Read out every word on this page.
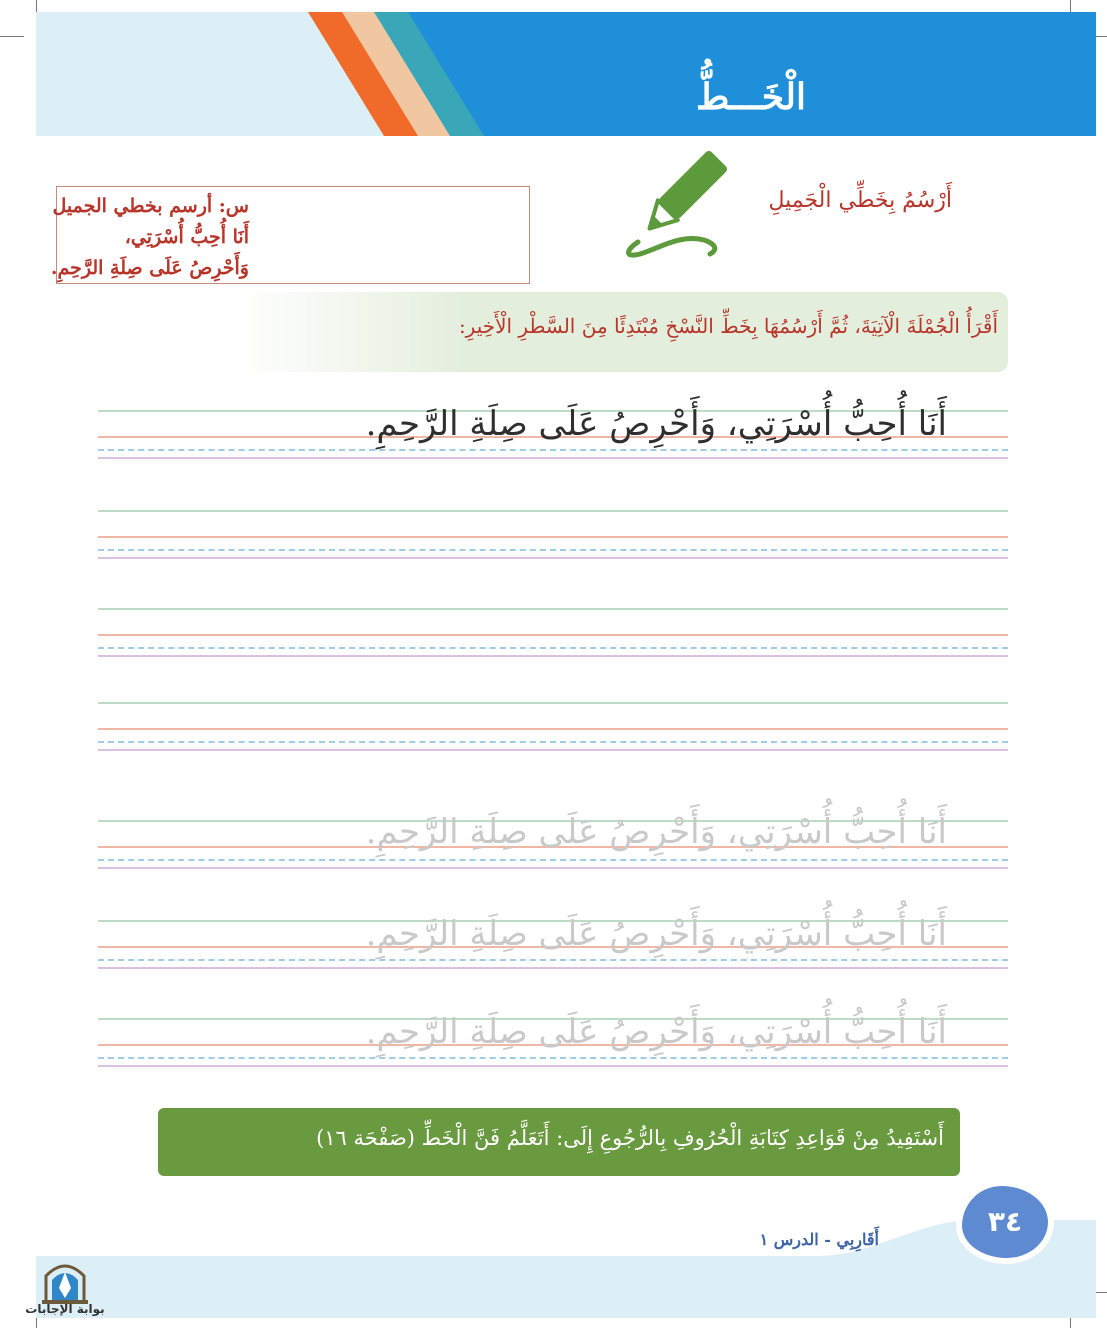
الْخَـــطُّ
س: أرسم بخطي الجميل
أَنَا أُحِبُّ أُسْرَتِي،
وَأَحْرِصُ عَلَى صِلَةِ الرَّحِمِ.
أَرْسُمُ بِخَطِّي الْجَمِيلِ
أَقْرَأُ الْجُمْلَةَ الْآتِيَةَ، ثُمَّ أَرْسُمُهَا بِخَطِّ النَّسْخِ مُبْتَدِئًا مِنَ السَّطْرِ الْأَخِيرِ:
أَنَا أُحِبُّ أُسْرَتِي، وَأَحْرِصُ عَلَى صِلَةِ الرَّحِمِ.
أَنَا أُحِبُّ أُسْرَتِي، وَأَحْرِصُ عَلَى صِلَةِ الرَّحِمِ.
أَنَا أُحِبُّ أُسْرَتِي، وَأَحْرِصُ عَلَى صِلَةِ الرَّحِمِ.
أَنَا أُحِبُّ أُسْرَتِي، وَأَحْرِصُ عَلَى صِلَةِ الرَّحِمِ.
أَسْتَفِيدُ مِنْ قَوَاعِدِ كِتَابَةِ الْحُرُوفِ بِالرُّجُوعِ إِلَى: أَتَعَلَّمُ فَنَّ الْخَطِّ (صَفْحَة ١٦)
٣٤
أَقَارِبِي - الدرس ١
بوابة الإجابات
